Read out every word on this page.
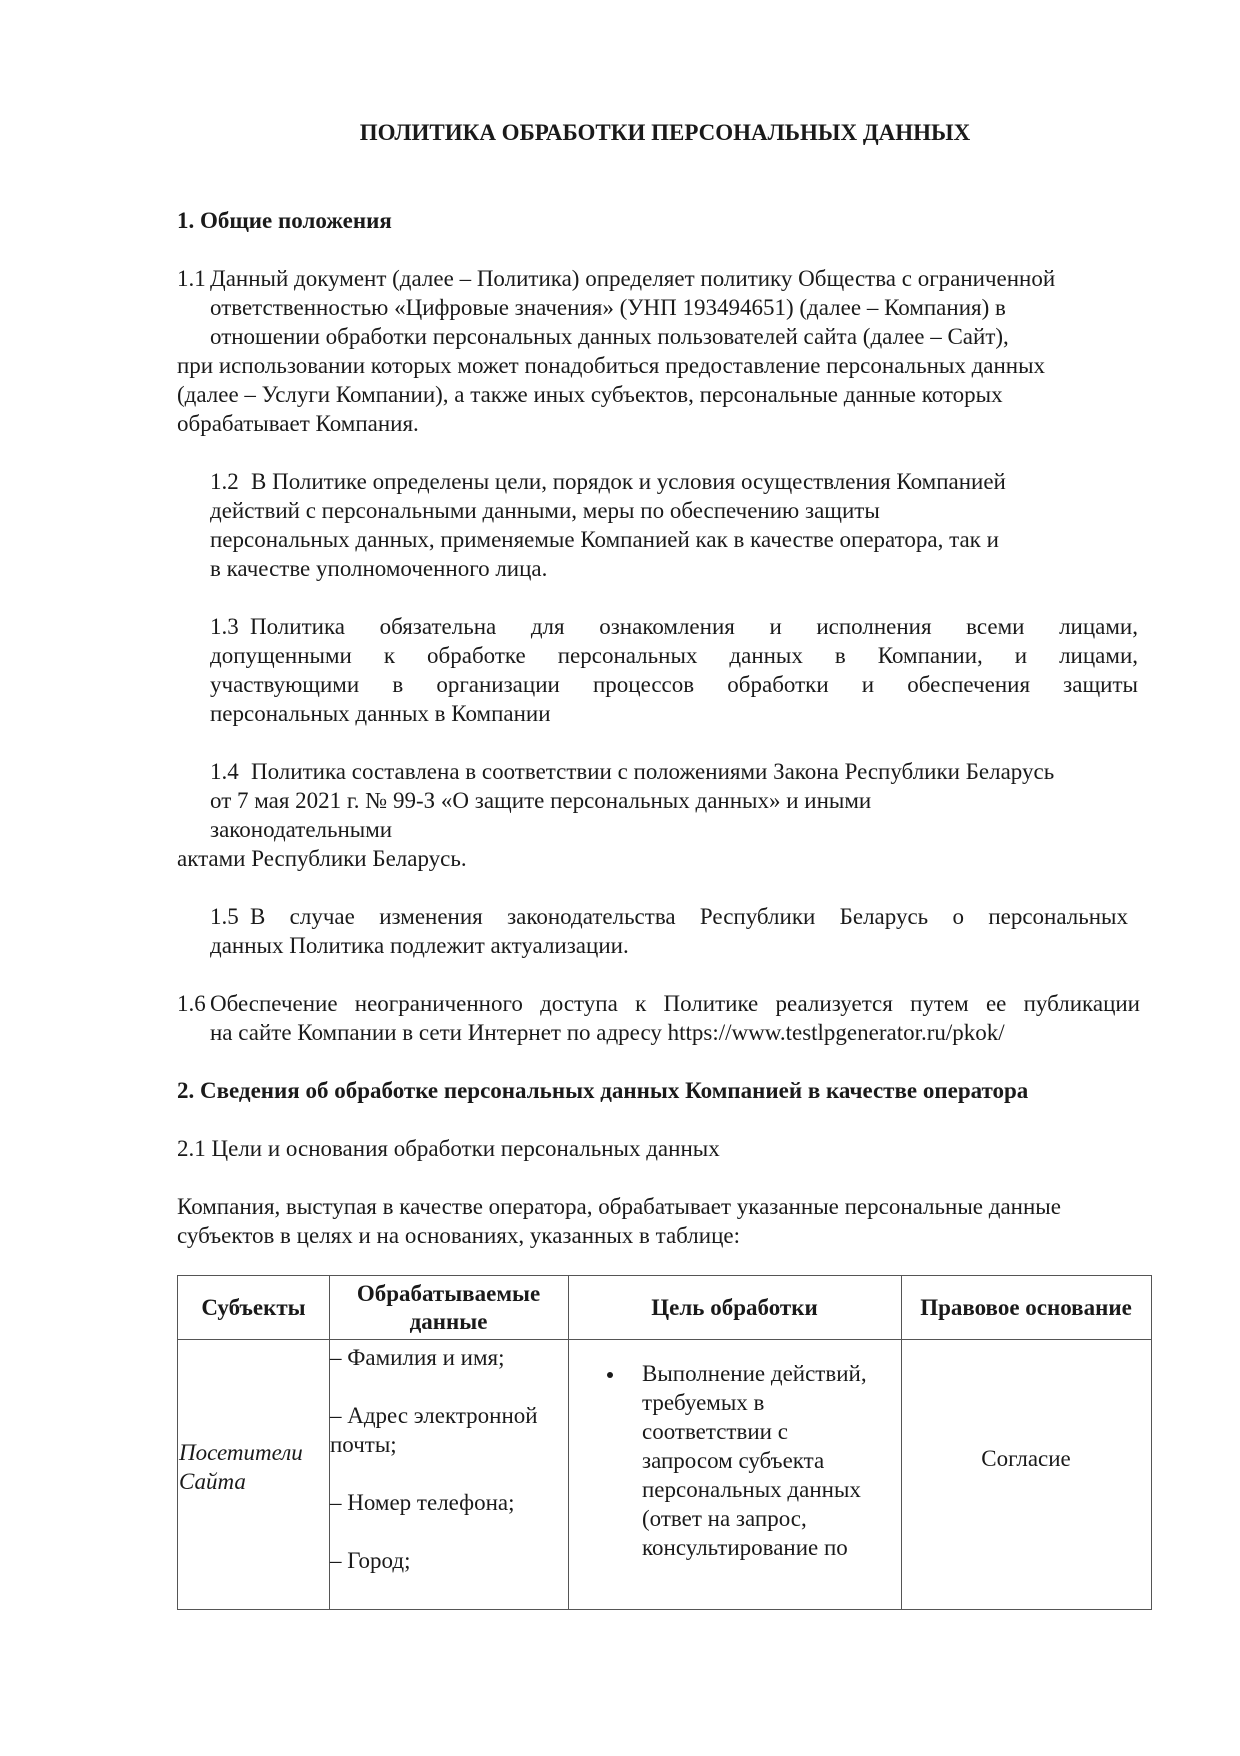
ПОЛИТИКА ОБРАБОТКИ ПЕРСОНАЛЬНЫХ ДАННЫХ
1. Общие положения
1.1 Данный документ (далее – Политика) определяет политику Общества с ограниченной
ответственностью «Цифровые значения» (УНП 193494651) (далее – Компания) в
отношении обработки персональных данных пользователей сайта (далее – Сайт),
при использовании которых может понадобиться предоставление персональных данных
(далее – Услуги Компании), а также иных субъектов, персональные данные которых
обрабатывает Компания.
1.2 В Политике определены цели, порядок и условия осуществления Компанией
действий с персональными данными, меры по обеспечению защиты
персональных данных, применяемые Компанией как в качестве оператора, так и
в качестве уполномоченного лица.
1.3 Политика обязательна для ознакомления и исполнения всеми лицами,
допущенными к обработке персональных данных в Компании, и лицами,
участвующими в организации процессов обработки и обеспечения защиты
персональных данных в Компании
1.4 Политика составлена в соответствии с положениями Закона Республики Беларусь
от 7 мая 2021 г. № 99-З «О защите персональных данных» и иными
законодательными
актами Республики Беларусь.
1.5 В случае изменения законодательства Республики Беларусь о персональных
данных Политика подлежит актуализации.
1.6 Обеспечение неограниченного доступа к Политике реализуется путем ее публикации
на сайте Компании в сети Интернет по адресу https://www.testlpgenerator.ru/pkok/
2. Сведения об обработке персональных данных Компанией в качестве оператора
2.1 Цели и основания обработки персональных данных
Компания, выступая в качестве оператора, обрабатывает указанные персональные данные
субъектов в целях и на основаниях, указанных в таблице:
Субъекты
Обрабатываемые
данные
Цель обработки	Правовое основание
Посетители
Сайта
– Фамилия и имя;
– Адрес электронной
почты;
– Номер телефона;
– Город;
Выполнение действий,
требуемых в
соответствии с
запросом субъекта
персональных данных
(ответ на запрос,
консультирование по
Согласие
